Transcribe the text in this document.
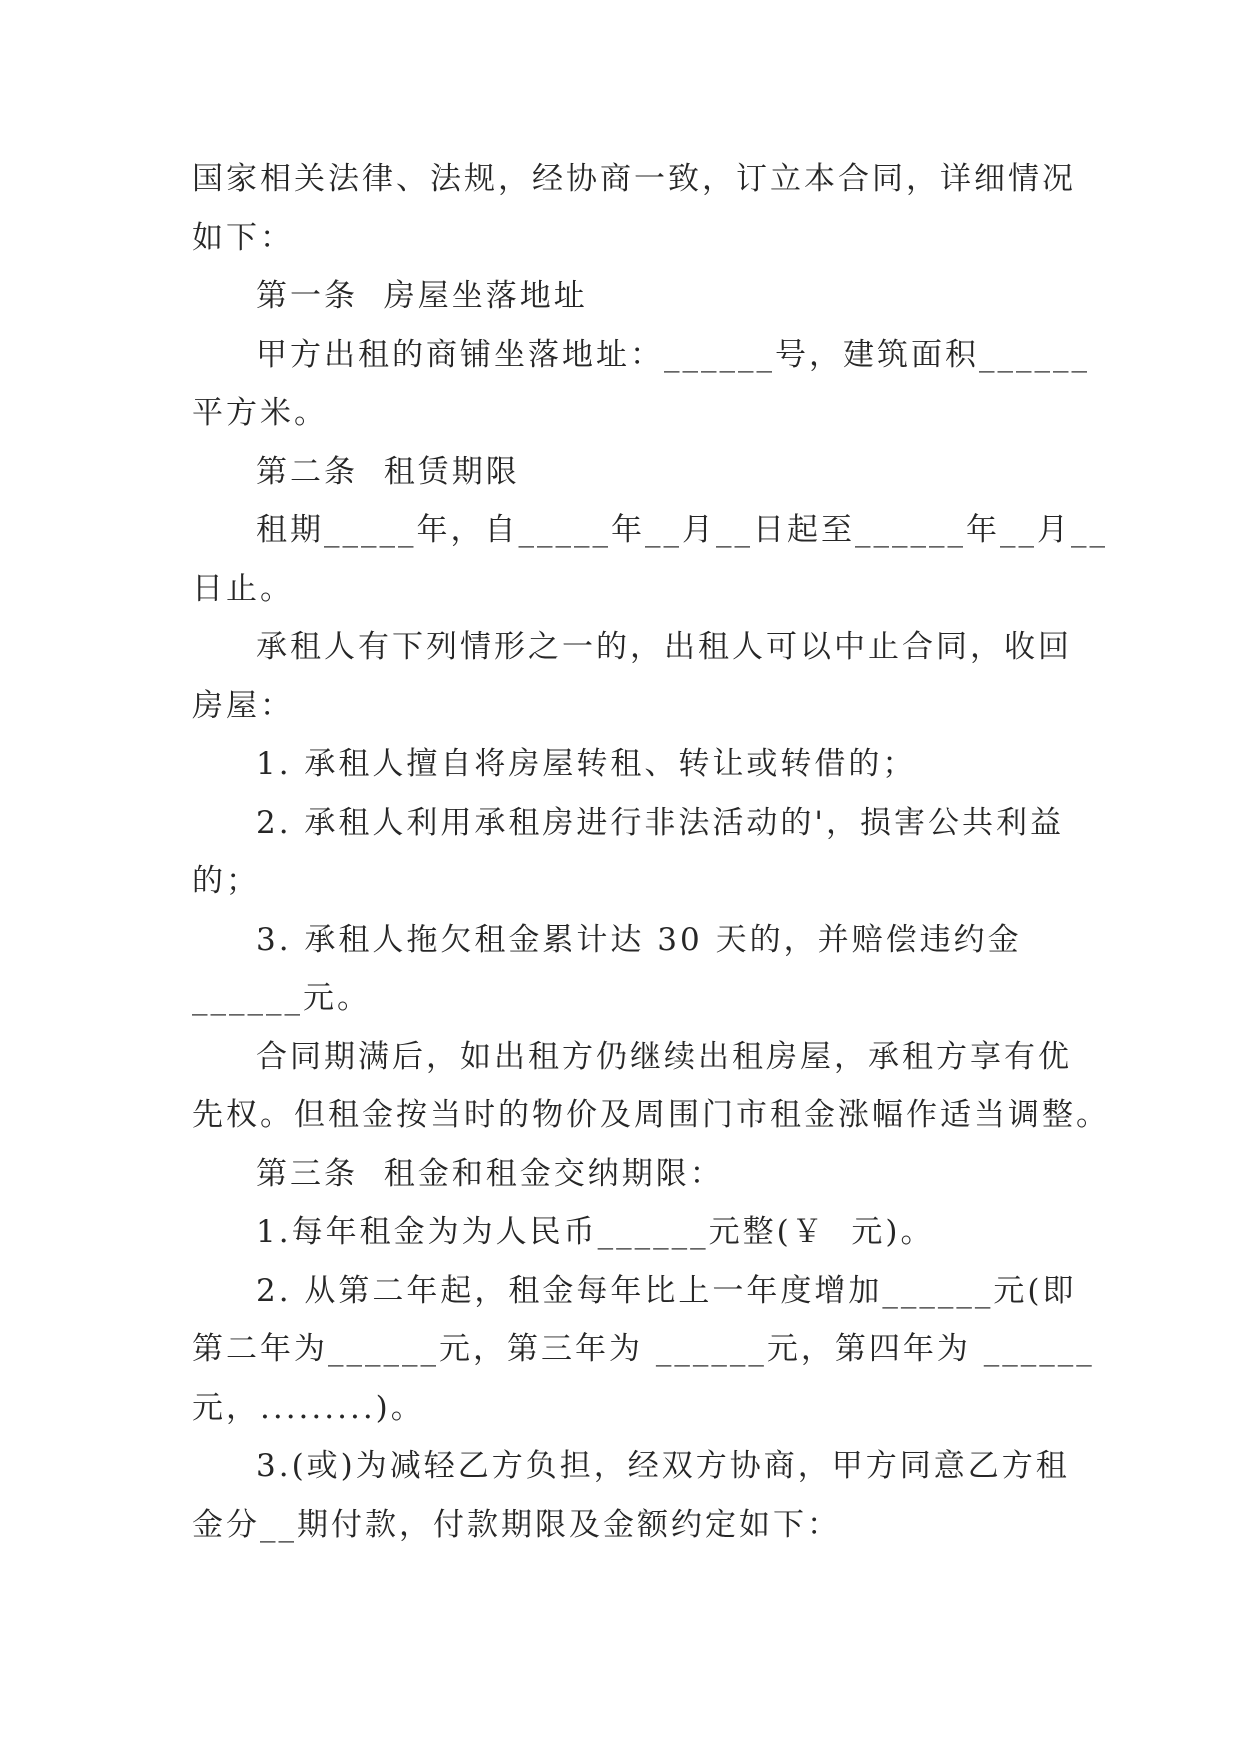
国家相关法律、法规，经协商一致，订立本合同，详细情况
如下：
第一条  房屋坐落地址
甲方出租的商铺坐落地址：______号，建筑面积______
平方米。
第二条  租赁期限
租期_____年，自_____年__月__日起至______年__月__
日止。
承租人有下列情形之一的，出租人可以中止合同，收回
房屋：
1. 承租人擅自将房屋转租、转让或转借的；
2. 承租人利用承租房进行非法活动的'，损害公共利益
的；
3. 承租人拖欠租金累计达 30 天的，并赔偿违约金
______元。
合同期满后，如出租方仍继续出租房屋，承租方享有优
先权。但租金按当时的物价及周围门市租金涨幅作适当调整。
第三条  租金和租金交纳期限：
1.每年租金为为人民币______元整(￥  元)。
2. 从第二年起，租金每年比上一年度增加______元(即
第二年为______元，第三年为 ______元，第四年为 ______
元，.........)。
3.(或)为减轻乙方负担，经双方协商，甲方同意乙方租
金分__期付款，付款期限及金额约定如下：
